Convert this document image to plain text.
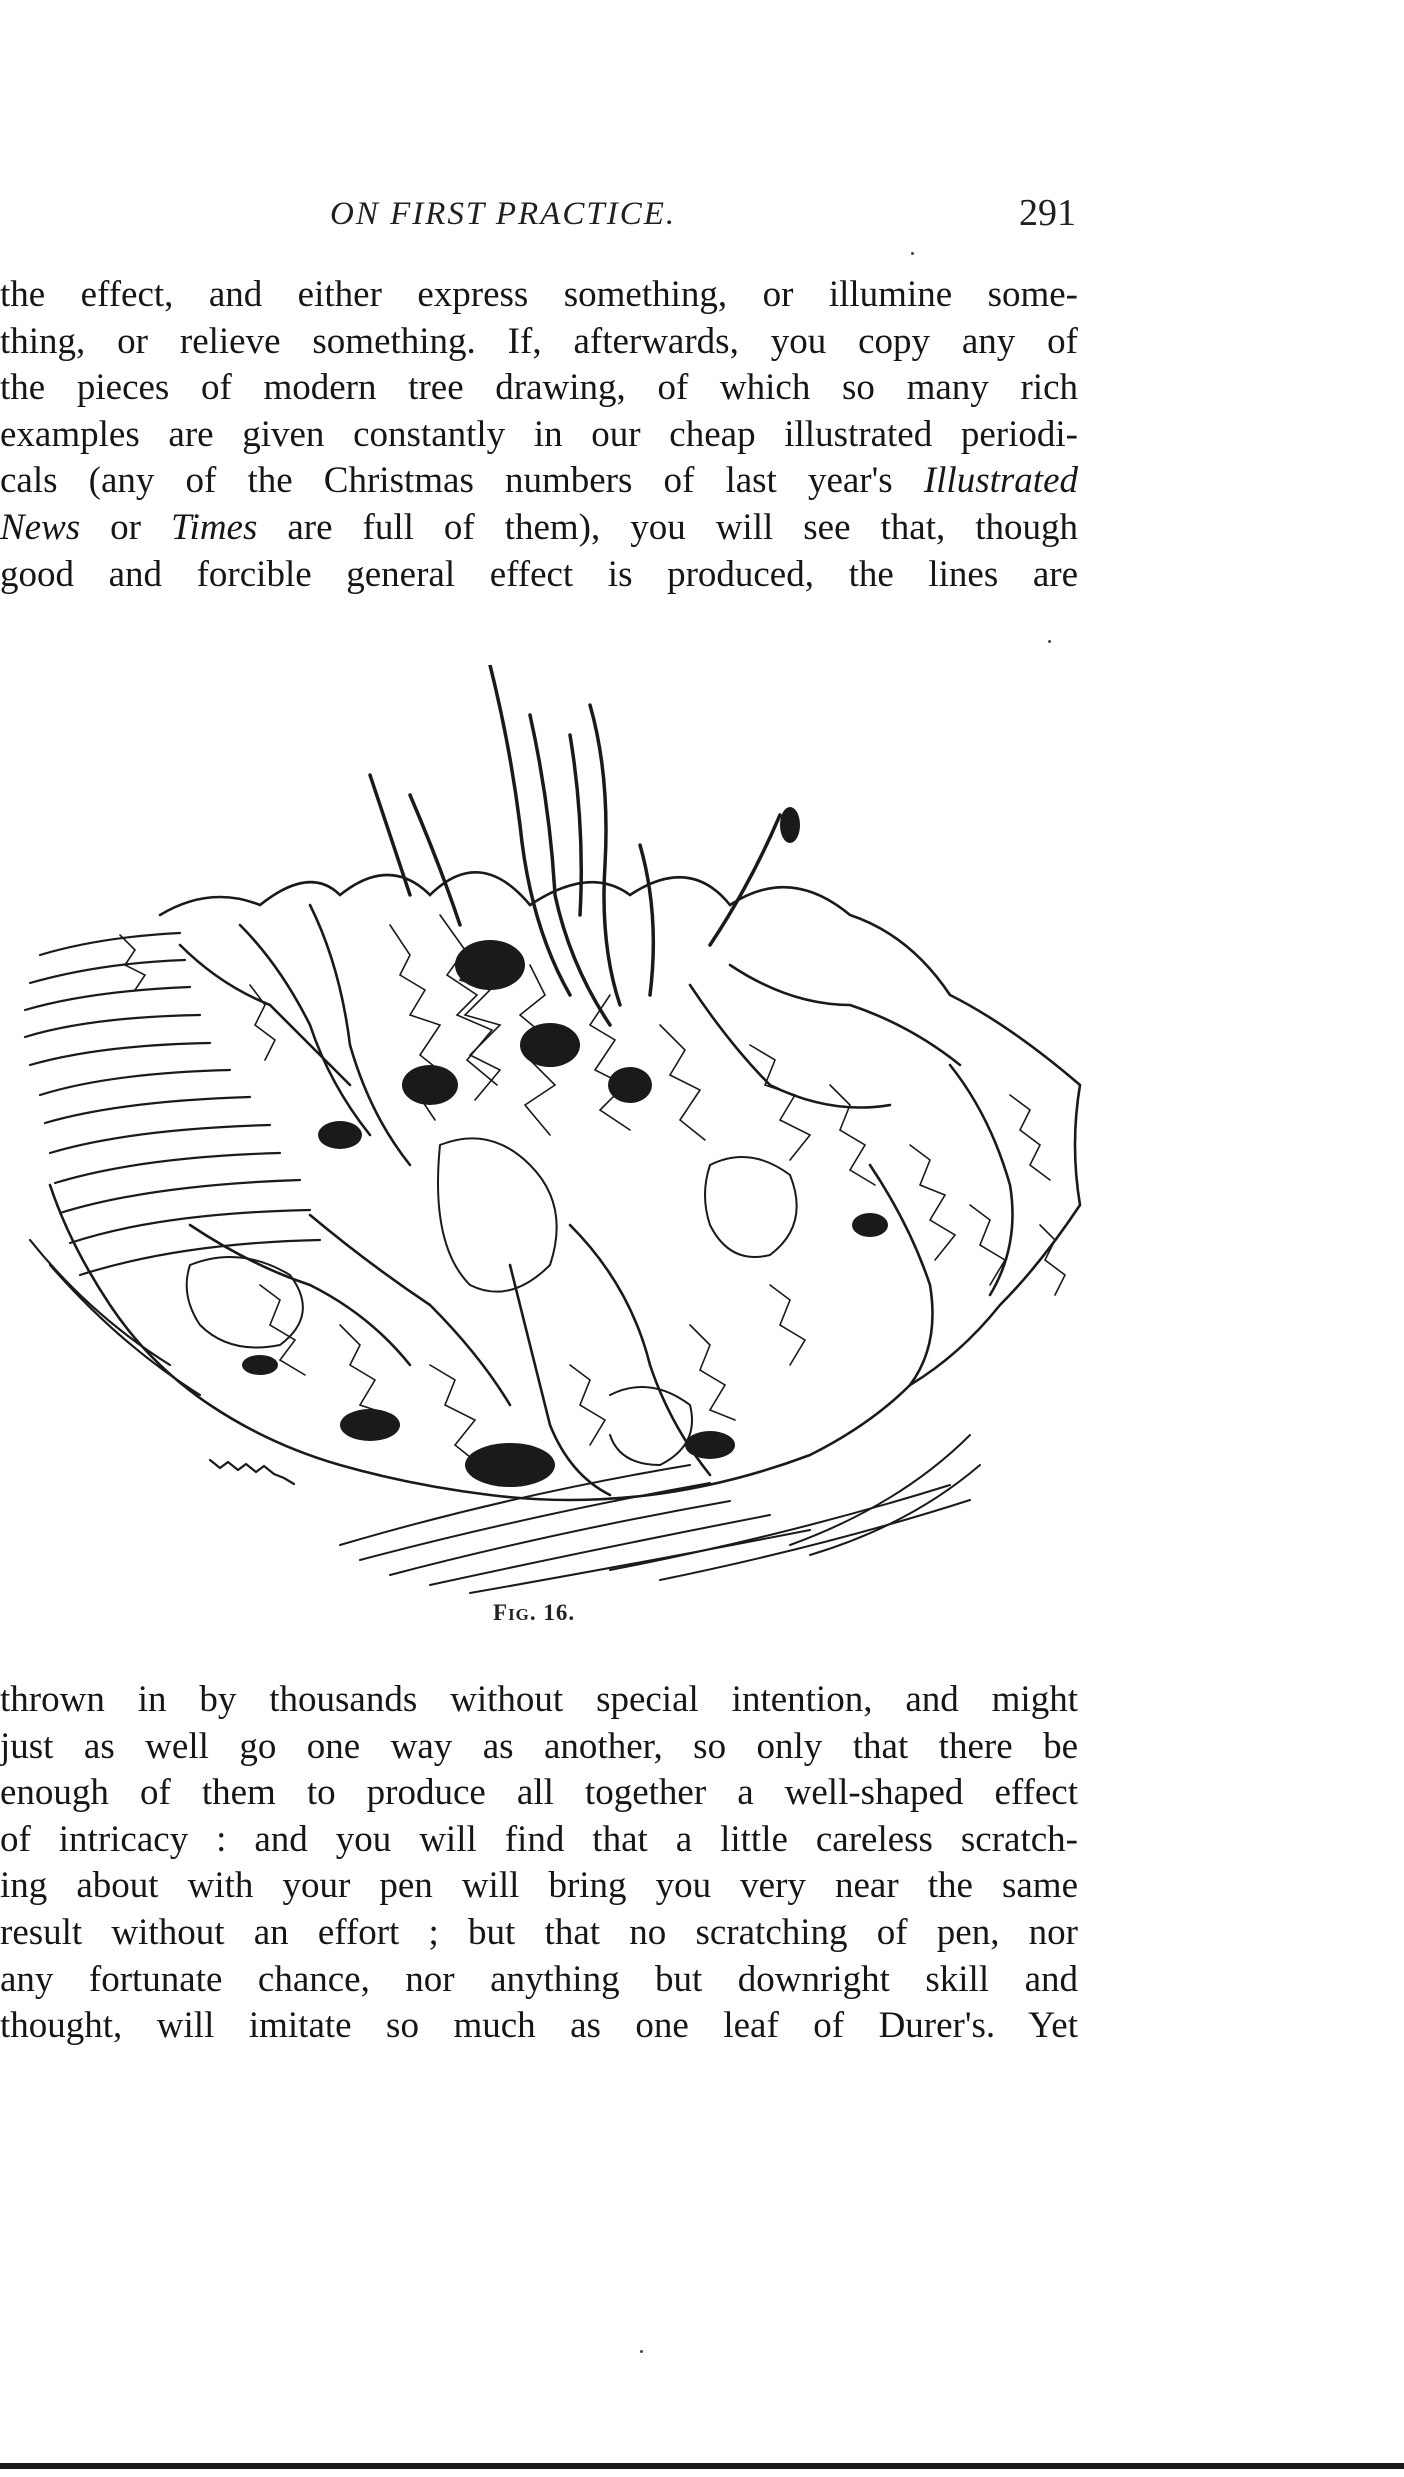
ON FIRST PRACTICE.	291
the effect, and either express something, or illumine some-
thing, or relieve something. If, afterwards, you copy any of
the pieces of modern tree drawing, of which so many rich
examples are given constantly in our cheap illustrated periodi-
cals (any of the Christmas numbers of last year's Illustrated
News or Times are full of them), you will see that, though
good and forcible general effect is produced, the lines are
FIG. 16.
thrown in by thousands without special intention, and might
just as well go one way as another, so only that there be
enough of them to produce all together a well-shaped effect
of intricacy : and you will find that a little careless scratch-
ing about with your pen will bring you very near the same
result without an effort ; but that no scratching of pen, nor
any fortunate chance, nor anything but downright skill and
thought, will imitate so much as one leaf of Durer's. Yet
